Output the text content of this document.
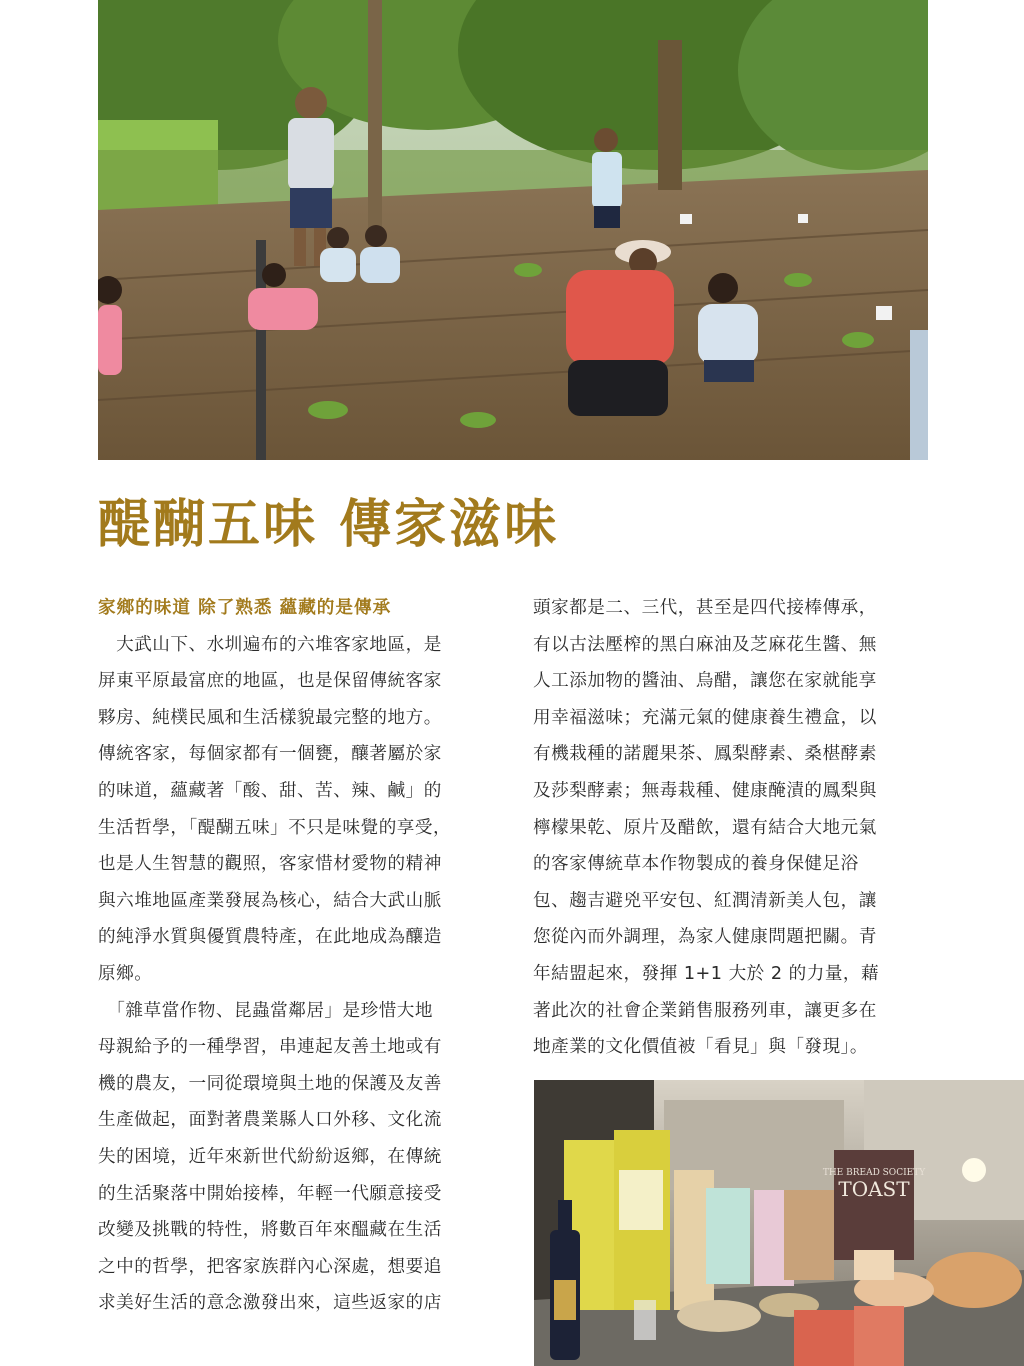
醍醐五味 傳家滋味
家鄉的味道 除了熟悉 蘊藏的是傳承
　大武山下、水圳遍布的六堆客家地區，是
屏東平原最富庶的地區，也是保留傳統客家
夥房、純樸民風和生活樣貌最完整的地方。
傳統客家，每個家都有一個甕，釀著屬於家
的味道，蘊藏著「酸、甜、苦、辣、鹹」的
生活哲學，「醍醐五味」不只是味覺的享受，
也是人生智慧的觀照，客家惜材愛物的精神
與六堆地區產業發展為核心，結合大武山脈
的純淨水質與優質農特產，在此地成為釀造
原鄉。
　「雜草當作物、昆蟲當鄰居」是珍惜大地
母親給予的一種學習，串連起友善土地或有
機的農友，一同從環境與土地的保護及友善
生產做起，面對著農業縣人口外移、文化流
失的困境，近年來新世代紛紛返鄉，在傳統
的生活聚落中開始接棒，年輕一代願意接受
改變及挑戰的特性，將數百年來醞藏在生活
之中的哲學，把客家族群內心深處，想要追
求美好生活的意念激發出來，這些返家的店
頭家都是二、三代，甚至是四代接棒傳承，
有以古法壓榨的黑白麻油及芝麻花生醬、無
人工添加物的醬油、烏醋，讓您在家就能享
用幸福滋味；充滿元氣的健康養生禮盒，以
有機栽種的諾麗果茶、鳳梨酵素、桑椹酵素
及莎梨酵素；無毒栽種、健康醃漬的鳳梨與
檸檬果乾、原片及醋飲，還有結合大地元氣
的客家傳統草本作物製成的養身保健足浴
包、趨吉避兇平安包、紅潤清新美人包，讓
您從內而外調理，為家人健康問題把關。青
年結盟起來，發揮 1+1 大於 2 的力量，藉
著此次的社會企業銷售服務列車，讓更多在
地產業的文化價值被「看見」與「發現」。
THE BREAD SOCIETY
TOAST
